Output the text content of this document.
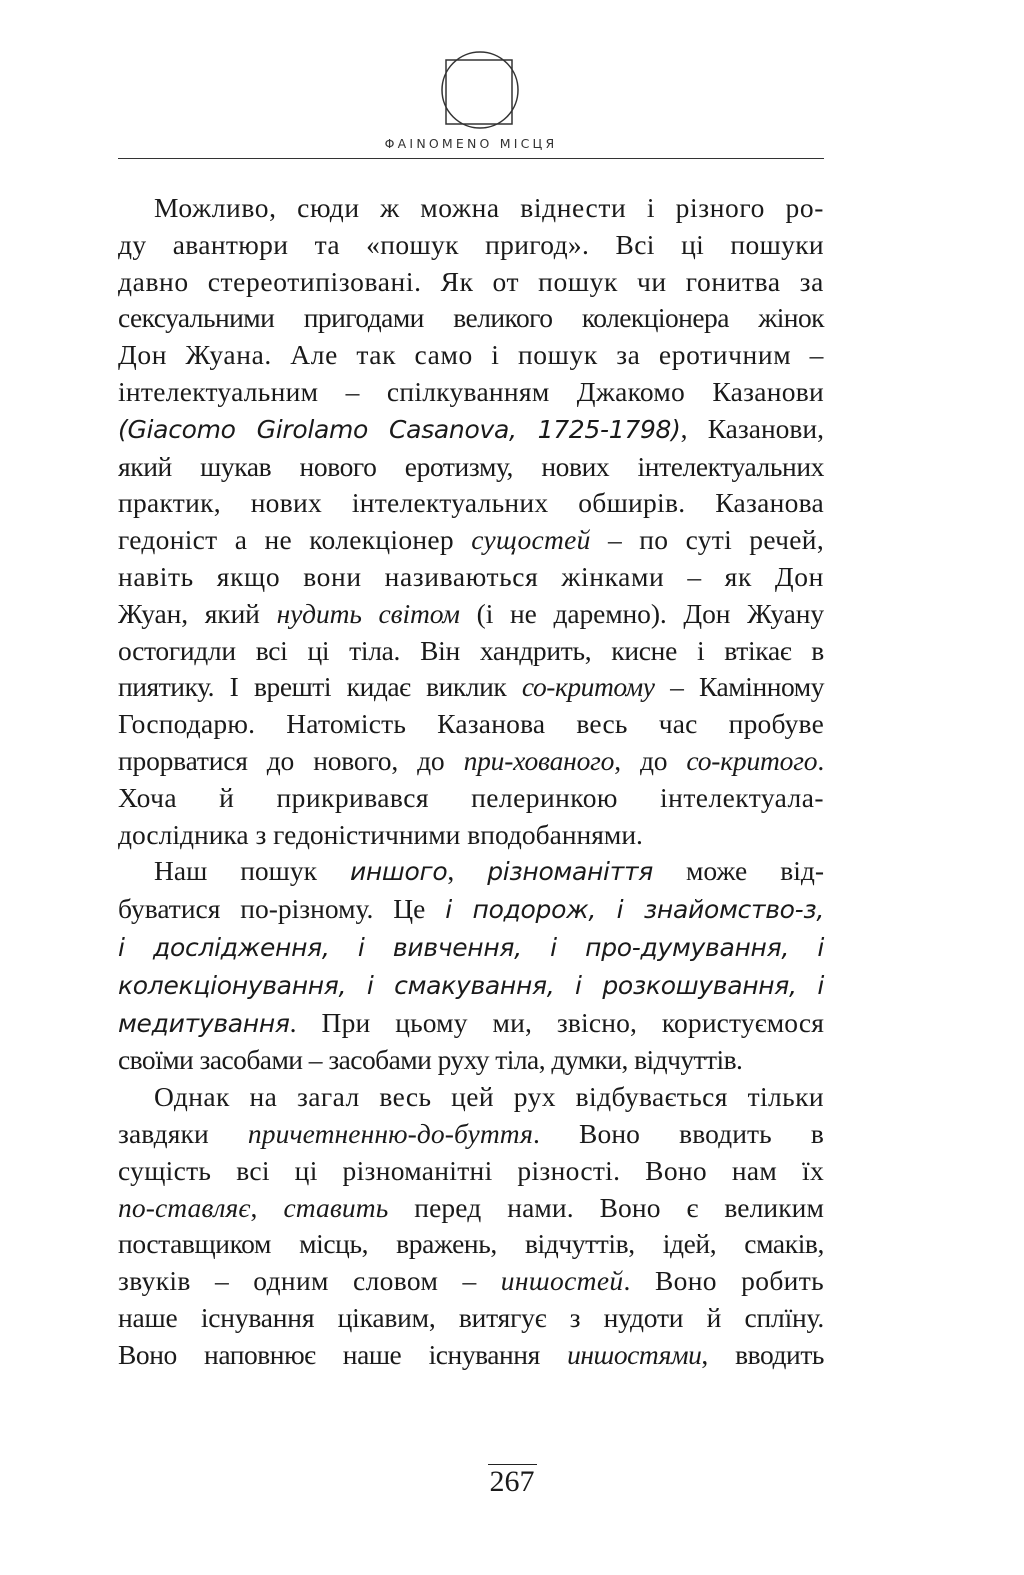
ΦΑΙΝΟΜΕΝΟ МІСЦЯ

Можливо, сюди ж можна віднести і різного ро-
ду авантюри та «пошук пригод». Всі ці пошуки
давно стереотипізовані. Як от пошук чи гонитва за
сексуальними пригодами великого колекціонера жінок
Дон Жуана. Але так само і пошук за еротичним –
інтелектуальним – спілкуванням Джакомо Казанови
(Giacomo Girolamo Casanova, 1725-1798), Казанови,
який шукав нового еротизму, нових інтелектуальних
практик, нових інтелектуальних обширів. Казанова
гедоніст а не колекціонер сущостей – по суті речей,
навіть якщо вони називаються жінками – як Дон
Жуан, який нудить світом (і не даремно). Дон Жуану
остогидли всі ці тіла. Він хандрить, кисне і втікає в
пиятику. І врешті кидає виклик со-критому – Камінному
Господарю. Натомість Казанова весь час пробуве
прорватися до нового, до при-хованого, до со-критого.
Хоча й прикривався пелеринкою інтелектуала-
дослідника з гедоністичними вподобаннями.

Наш пошук иншого, різноманіття може від-
буватися по-різному. Це і подорож, і знайомство-з,
і дослідження, і вивчення, і про-думування, і
колекціонування, і смакування, і розкошування, і
медитування. При цьому ми, звісно, користуємося
своїми засобами – засобами руху тіла, думки, відчуттів.

Однак на загал весь цей рух відбувається тільки
завдяки причетненню-до-буття. Воно вводить в
сущість всі ці різноманітні різності. Воно нам їх
по-ставляє, ставить перед нами. Воно є великим
поставщиком місць, вражень, відчуттів, ідей, смаків,
звуків – одним словом – иншостей. Воно робить
наше існування цікавим, витягує з нудоти й сплїну.
Воно наповнює наше існування иншостями, вводить

267
